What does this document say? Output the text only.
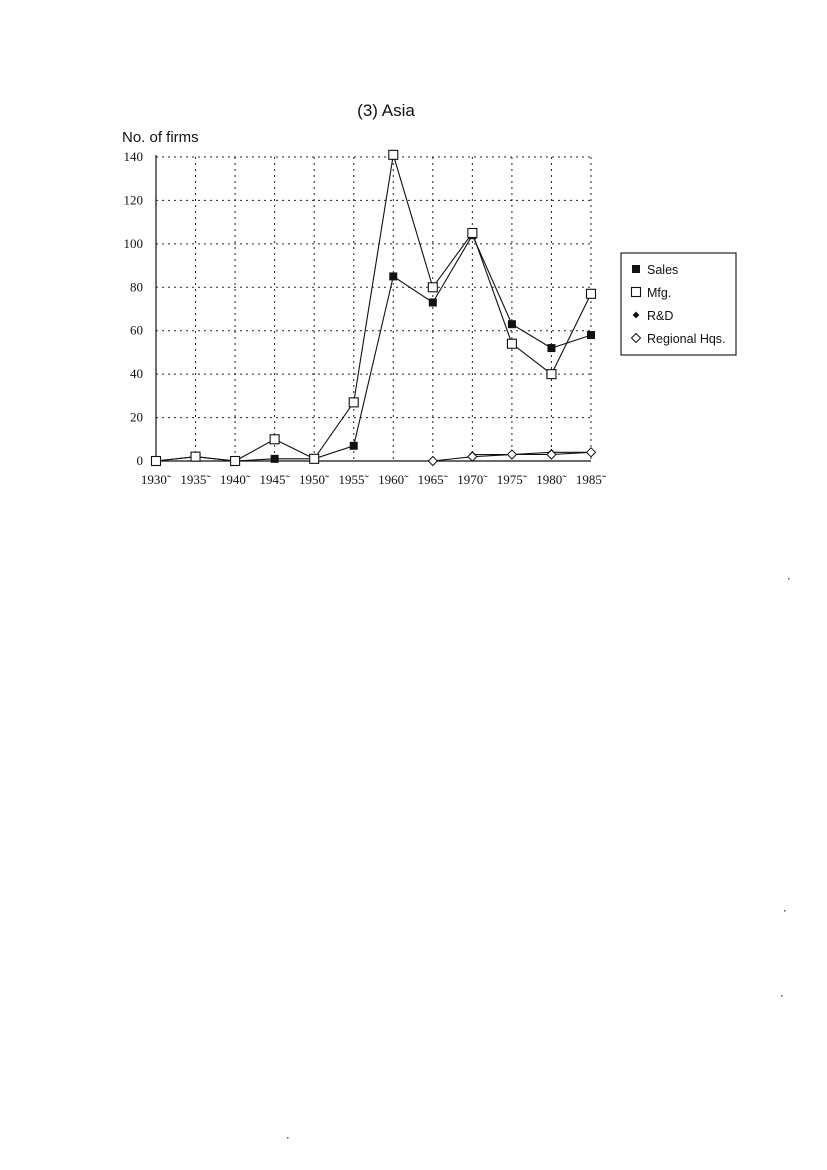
(3) Asia
No. of firms
0
20
40
60
80
100
120
140
1930˜ 1935˜ 1940˜ 1945˜ 1950˜ 1955˜ 1960˜ 1965˜ 1970˜ 1975˜ 1980˜ 1985˜
Sales
Mfg.
R&D
Regional Hqs.
